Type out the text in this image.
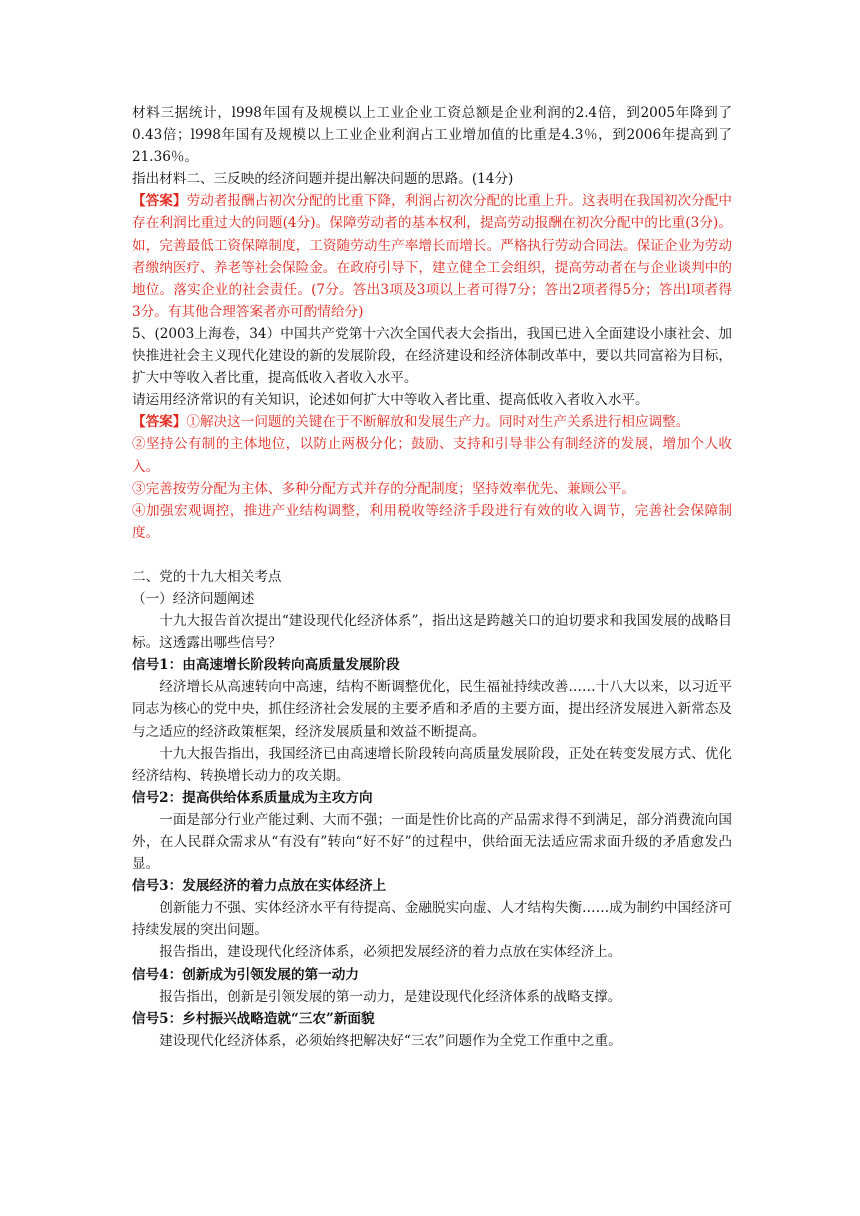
材料三据统计，l998年国有及规模以上工业企业工资总额是企业利润的2.4倍，到2005年降到了0.43倍；l998年国有及规模以上工业企业利润占工业增加值的比重是4.3％，到2006年提高到了21.36％。

指出材料二、三反映的经济问题并提出解决问题的思路。(14分)

【答案】劳动者报酬占初次分配的比重下降，利润占初次分配的比重上升。这表明在我国初次分配中存在利润比重过大的问题(4分)。保障劳动者的基本权利，提高劳动报酬在初次分配中的比重(3分)。如，完善最低工资保障制度，工资随劳动生产率增长而增长。严格执行劳动合同法。保证企业为劳动者缴纳医疗、养老等社会保险金。在政府引导下，建立健全工会组织，提高劳动者在与企业谈判中的地位。落实企业的社会责任。(7分。答出3项及3项以上者可得7分；答出2项者得5分；答出l项者得3分。有其他合理答案者亦可酌情给分)

5、(2003上海卷，34）中国共产党第十六次全国代表大会指出，我国已进入全面建设小康社会、加快推进社会主义现代化建设的新的发展阶段，在经济建设和经济体制改革中，要以共同富裕为目标，扩大中等收入者比重，提高低收入者收入水平。

请运用经济常识的有关知识，论述如何扩大中等收入者比重、提高低收入者收入水平。

【答案】①解决这一问题的关键在于不断解放和发展生产力。同时对生产关系进行相应调整。

②坚持公有制的主体地位，以防止两极分化；鼓励、支持和引导非公有制经济的发展，增加个人收入。

③完善按劳分配为主体、多种分配方式并存的分配制度；坚持效率优先、兼顾公平。

④加强宏观调控，推进产业结构调整，利用税收等经济手段进行有效的收入调节，完善社会保障制度。

二、党的十九大相关考点

（一）经济问题阐述

十九大报告首次提出“建设现代化经济体系”，指出这是跨越关口的迫切要求和我国发展的战略目标。这透露出哪些信号？

信号1：由高速增长阶段转向高质量发展阶段

经济增长从高速转向中高速，结构不断调整优化，民生福祉持续改善……十八大以来，以习近平同志为核心的党中央，抓住经济社会发展的主要矛盾和矛盾的主要方面，提出经济发展进入新常态及与之适应的经济政策框架，经济发展质量和效益不断提高。

十九大报告指出，我国经济已由高速增长阶段转向高质量发展阶段，正处在转变发展方式、优化经济结构、转换增长动力的攻关期。

信号2：提高供给体系质量成为主攻方向

一面是部分行业产能过剩、大而不强；一面是性价比高的产品需求得不到满足，部分消费流向国外，在人民群众需求从“有没有”转向“好不好”的过程中，供给面无法适应需求面升级的矛盾愈发凸显。

信号3：发展经济的着力点放在实体经济上

创新能力不强、实体经济水平有待提高、金融脱实向虚、人才结构失衡……成为制约中国经济可持续发展的突出问题。

报告指出，建设现代化经济体系，必须把发展经济的着力点放在实体经济上。

信号4：创新成为引领发展的第一动力

报告指出，创新是引领发展的第一动力，是建设现代化经济体系的战略支撑。

信号5：乡村振兴战略造就“三农”新面貌

建设现代化经济体系，必须始终把解决好“三农”问题作为全党工作重中之重。
